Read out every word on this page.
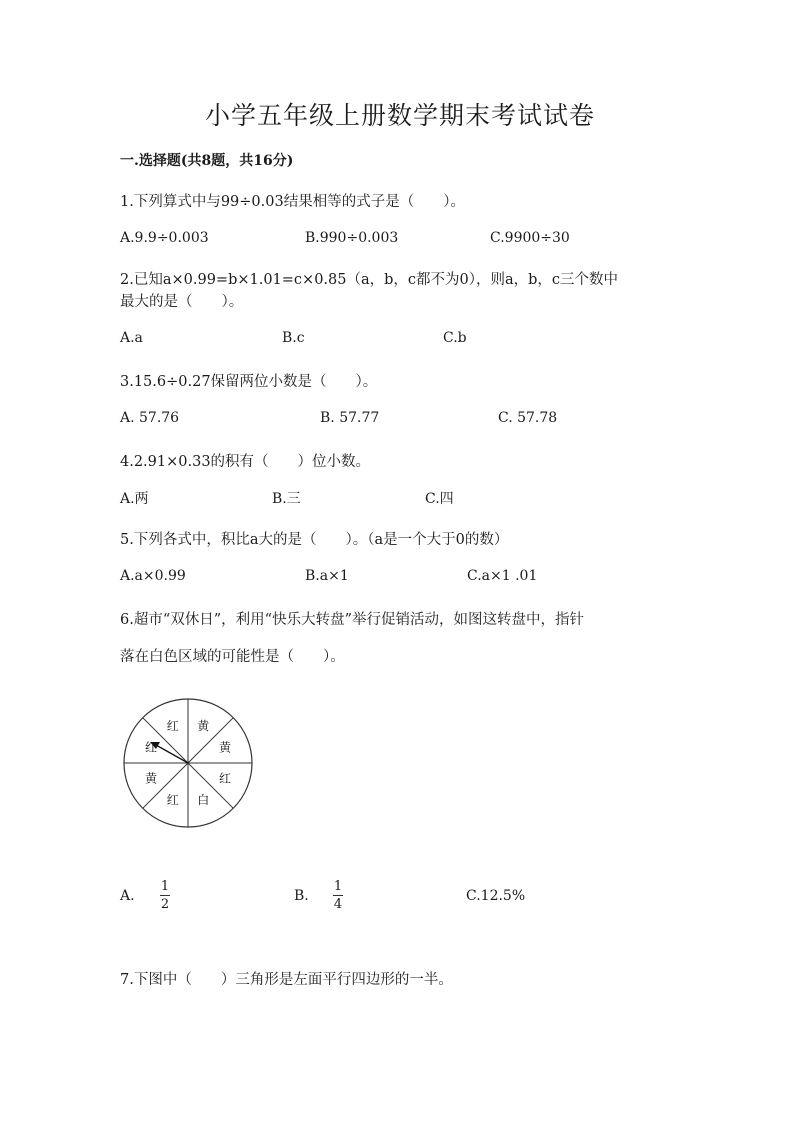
小学五年级上册数学期末考试试卷
一.选择题(共8题，共16分)
1.下列算式中与99÷0.03结果相等的式子是（　　）。
A.9.9÷0.003	B.990÷0.003	C.9900÷30
2.已知a×0.99=b×1.01=c×0.85（a，b，c都不为0），则a，b，c三个数中
最大的是（　　）。
A.a	B.c	C.b
3.15.6÷0.27保留两位小数是（　　）。
A. 57.76	B. 57.77	C. 57.78
4.2.91×0.33的积有（　　）位小数。
A.两	B.三	C.四
5.下列各式中，积比a大的是（　　）。（a是一个大于0的数）
A.a×0.99	B.a×1	C.a×1 .01
6.超市“双休日”，利用“快乐大转盘”举行促销活动，如图这转盘中，指针
落在白色区域的可能性是（　　）。
黄
黄
红
白
红
黄
红
红
A.
1
2
B.
1
4
C.12.5%
7.下图中（　　）三角形是左面平行四边形的一半。
